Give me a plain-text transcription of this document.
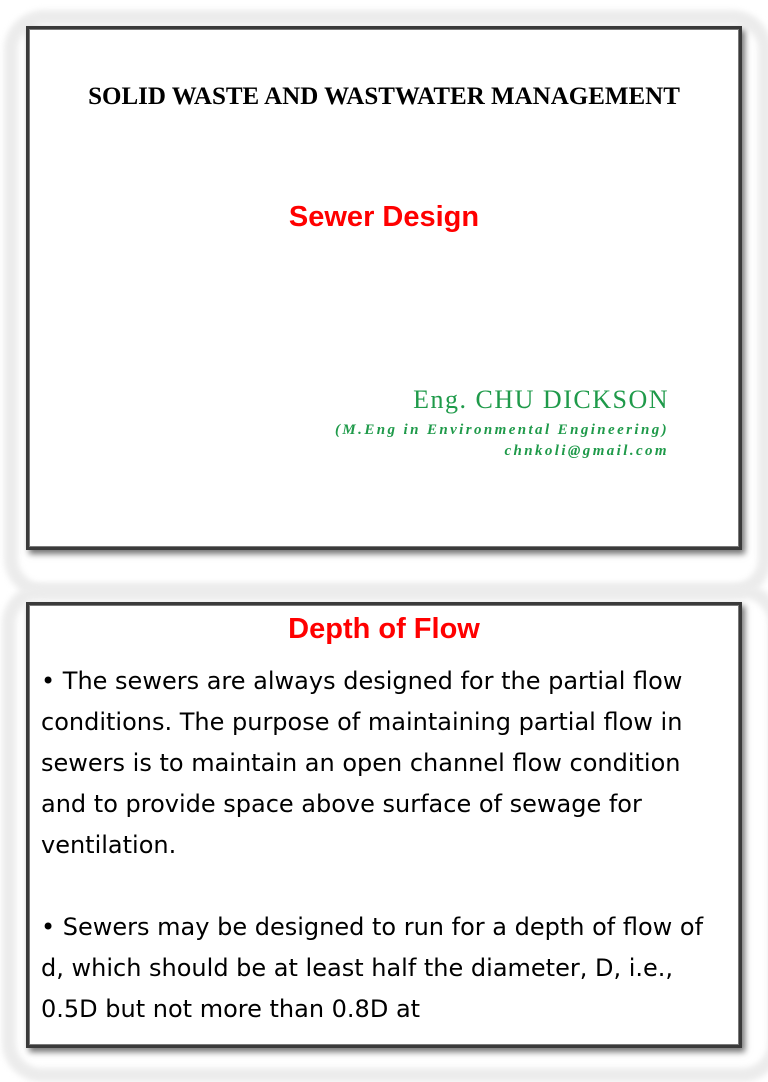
SOLID WASTE AND WASTWATER MANAGEMENT
Sewer Design
Eng. CHU DICKSON
(M.Eng in Environmental Engineering)
chnkoli@gmail.com
Depth of Flow
• The sewers are always designed for the partial flow conditions. The purpose of maintaining partial flow in sewers is to maintain an open channel flow condition and to provide space above surface of sewage for ventilation.
• Sewers may be designed to run for a depth of flow of d, which should be at least half the diameter, D, i.e., 0.5D but not more than 0.8D at
